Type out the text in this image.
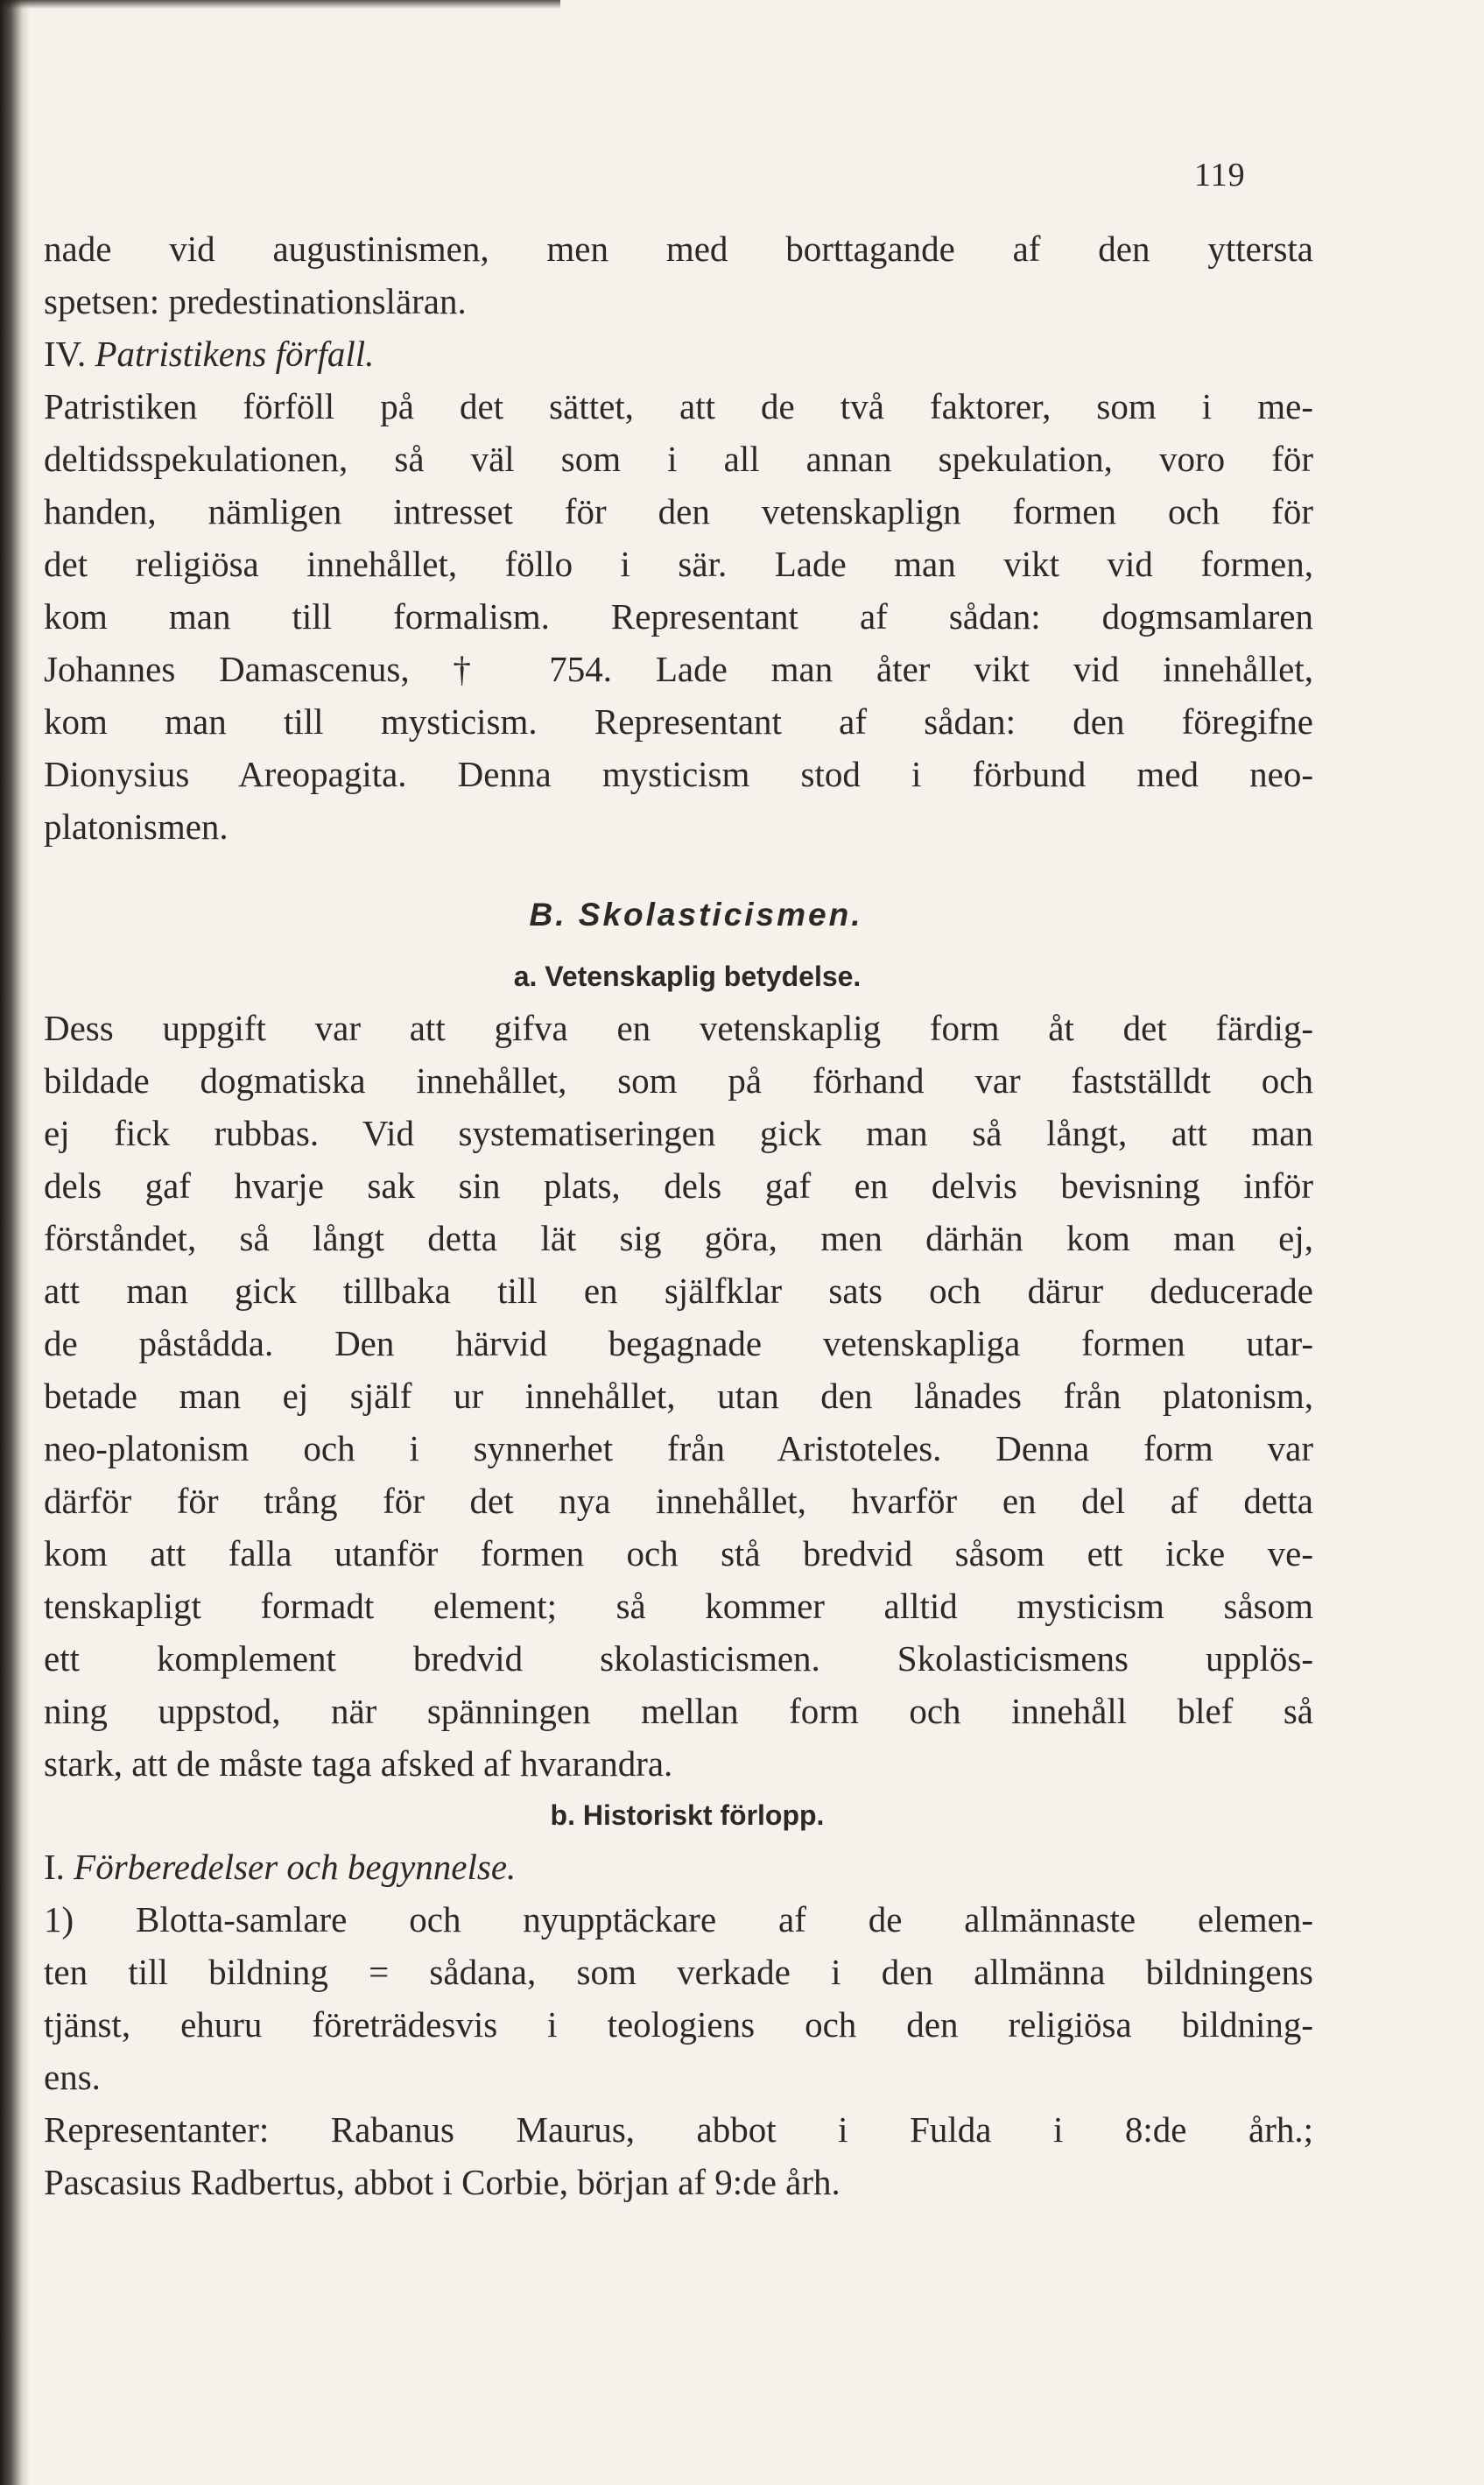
119
nade vid augustinismen, men med borttagande af den yttersta
spetsen: predestinationsläran.
IV. Patristikens förfall.
Patristiken förföll på det sättet, att de två faktorer, som i me-
deltidsspekulationen, så väl som i all annan spekulation, voro för
handen, nämligen intresset för den vetenskaplign formen och för
det religiösa innehållet, föllo i sär. Lade man vikt vid formen,
kom man till formalism. Representant af sådan: dogmsamlaren
Johannes Damascenus, † 754. Lade man åter vikt vid innehållet,
kom man till mysticism. Representant af sådan: den föregifne
Dionysius Areopagita. Denna mysticism stod i förbund med neo-
platonismen.
B. Skolasticismen.
a. Vetenskaplig betydelse.
Dess uppgift var att gifva en vetenskaplig form åt det färdig-
bildade dogmatiska innehållet, som på förhand var fastställdt och
ej fick rubbas. Vid systematiseringen gick man så långt, att man
dels gaf hvarje sak sin plats, dels gaf en delvis bevisning inför
förståndet, så långt detta lät sig göra, men därhän kom man ej,
att man gick tillbaka till en själfklar sats och därur deducerade
de påstådda. Den härvid begagnade vetenskapliga formen utar-
betade man ej själf ur innehållet, utan den lånades från platonism,
neo-platonism och i synnerhet från Aristoteles. Denna form var
därför för trång för det nya innehållet, hvarför en del af detta
kom att falla utanför formen och stå bredvid såsom ett icke ve-
tenskapligt formadt element; så kommer alltid mysticism såsom
ett komplement bredvid skolasticismen. Skolasticismens upplös-
ning uppstod, när spänningen mellan form och innehåll blef så
stark, att de måste taga afsked af hvarandra.
b. Historiskt förlopp.
I. Förberedelser och begynnelse.
1) Blotta-samlare och nyupptäckare af de allmännaste elemen-
ten till bildning = sådana, som verkade i den allmänna bildningens
tjänst, ehuru företrädesvis i teologiens och den religiösa bildning-
ens.
Representanter: Rabanus Maurus, abbot i Fulda i 8:de årh.;
Pascasius Radbertus, abbot i Corbie, början af 9:de årh.
